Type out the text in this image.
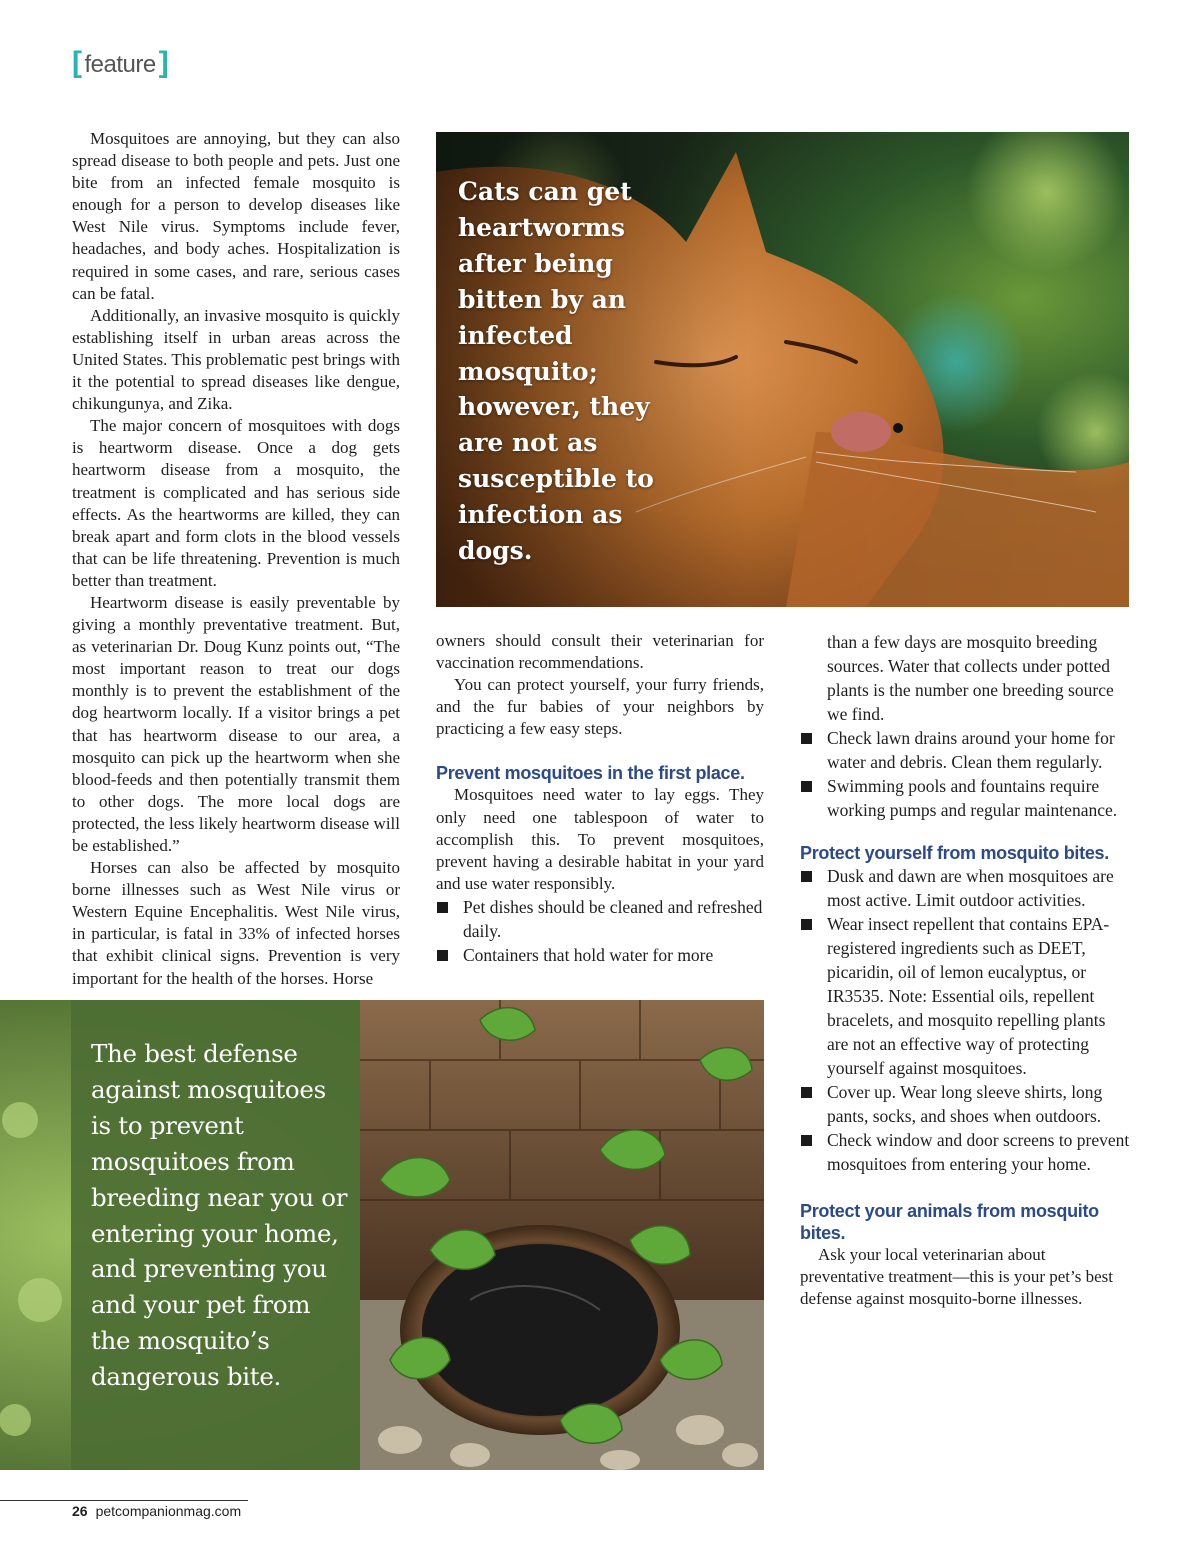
[ feature ]

Mosquitoes are annoying, but they can also spread disease to both people and pets. Just one bite from an infected female mosquito is enough for a person to develop diseases like West Nile virus. Symptoms include fever, headaches, and body aches. Hospitalization is required in some cases, and rare, serious cases can be fatal.

Additionally, an invasive mosquito is quickly establishing itself in urban areas across the United States. This problematic pest brings with it the potential to spread diseases like dengue, chikungunya, and Zika.

The major concern of mosquitoes with dogs is heartworm disease. Once a dog gets heartworm disease from a mosquito, the treatment is complicated and has serious side effects. As the heartworms are killed, they can break apart and form clots in the blood vessels that can be life threatening. Prevention is much better than treatment.

Heartworm disease is easily preventable by giving a monthly preventative treatment. But, as veterinarian Dr. Doug Kunz points out, “The most important reason to treat our dogs monthly is to prevent the establishment of the dog heartworm locally. If a visitor brings a pet that has heartworm disease to our area, a mosquito can pick up the heartworm when she blood-feeds and then potentially transmit them to other dogs. The more local dogs are protected, the less likely heartworm disease will be established.”

Horses can also be affected by mosquito borne illnesses such as West Nile virus or Western Equine Encephalitis. West Nile virus, in particular, is fatal in 33% of infected horses that exhibit clinical signs. Prevention is very important for the health of the horses. Horse

Cats can get heartworms after being bitten by an infected mosquito; however, they are not as susceptible to infection as dogs.

owners should consult their veterinarian for vaccination recommendations.

You can protect yourself, your furry friends, and the fur babies of your neighbors by practicing a few easy steps.

Prevent mosquitoes in the first place.

Mosquitoes need water to lay eggs. They only need one tablespoon of water to accomplish this. To prevent mosquitoes, prevent having a desirable habitat in your yard and use water responsibly.

Pet dishes should be cleaned and refreshed daily.
Containers that hold water for more
than a few days are mosquito breeding sources. Water that collects under potted plants is the number one breeding source we find.
Check lawn drains around your home for water and debris. Clean them regularly.
Swimming pools and fountains require working pumps and regular maintenance.
Protect yourself from mosquito bites.
Dusk and dawn are when mosquitoes are most active. Limit outdoor activities.
Wear insect repellent that contains EPA-registered ingredients such as DEET, picaridin, oil of lemon eucalyptus, or IR3535. Note: Essential oils, repellent bracelets, and mosquito repelling plants are not an effective way of protecting yourself against mosquitoes.
Cover up. Wear long sleeve shirts, long pants, socks, and shoes when outdoors.
Check window and door screens to prevent mosquitoes from entering your home.
Protect your animals from mosquito bites.

Ask your local veterinarian about preventative treatment—this is your pet’s best defense against mosquito-borne illnesses.

The best defense against mosquitoes is to prevent mosquitoes from breeding near you or entering your home, and preventing you and your pet from the mosquito’s dangerous bite.
26 petcompanionmag.com
